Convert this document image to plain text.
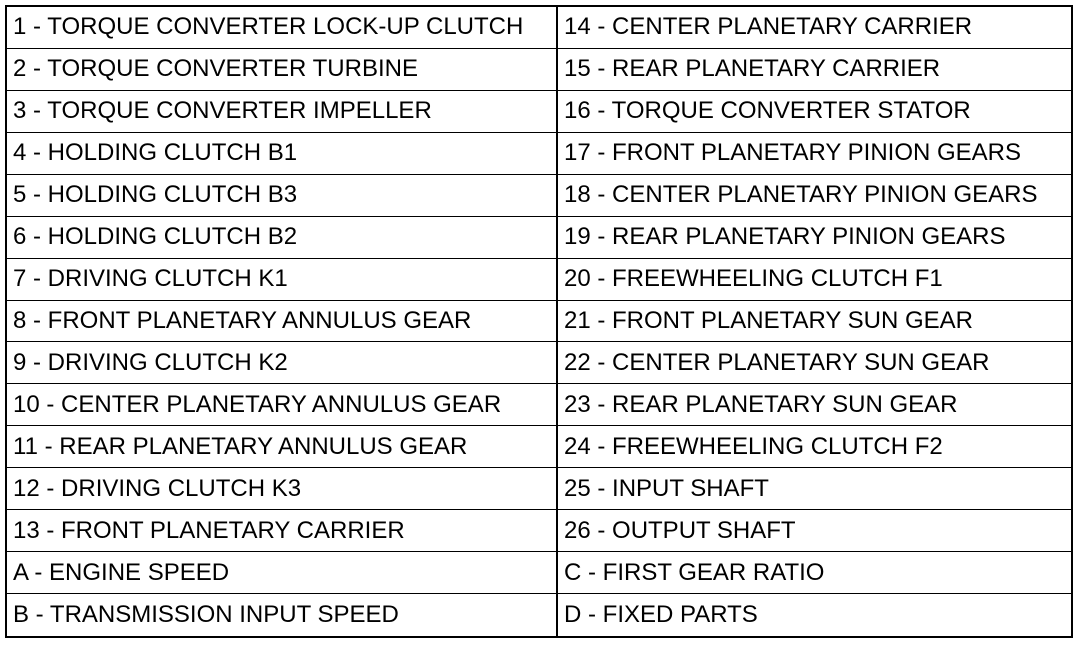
1 - TORQUE CONVERTER LOCK-UP CLUTCH	14 - CENTER PLANETARY CARRIER
2 - TORQUE CONVERTER TURBINE	15 - REAR PLANETARY CARRIER
3 - TORQUE CONVERTER IMPELLER	16 - TORQUE CONVERTER STATOR
4 - HOLDING CLUTCH B1	17 - FRONT PLANETARY PINION GEARS
5 - HOLDING CLUTCH B3	18 - CENTER PLANETARY PINION GEARS
6 - HOLDING CLUTCH B2	19 - REAR PLANETARY PINION GEARS
7 - DRIVING CLUTCH K1	20 - FREEWHEELING CLUTCH F1
8 - FRONT PLANETARY ANNULUS GEAR	21 - FRONT PLANETARY SUN GEAR
9 - DRIVING CLUTCH K2	22 - CENTER PLANETARY SUN GEAR
10 - CENTER PLANETARY ANNULUS GEAR	23 - REAR PLANETARY SUN GEAR
11 - REAR PLANETARY ANNULUS GEAR	24 - FREEWHEELING CLUTCH F2
12 - DRIVING CLUTCH K3	25 - INPUT SHAFT
13 - FRONT PLANETARY CARRIER	26 - OUTPUT SHAFT
A - ENGINE SPEED	C - FIRST GEAR RATIO
B - TRANSMISSION INPUT SPEED	D - FIXED PARTS
